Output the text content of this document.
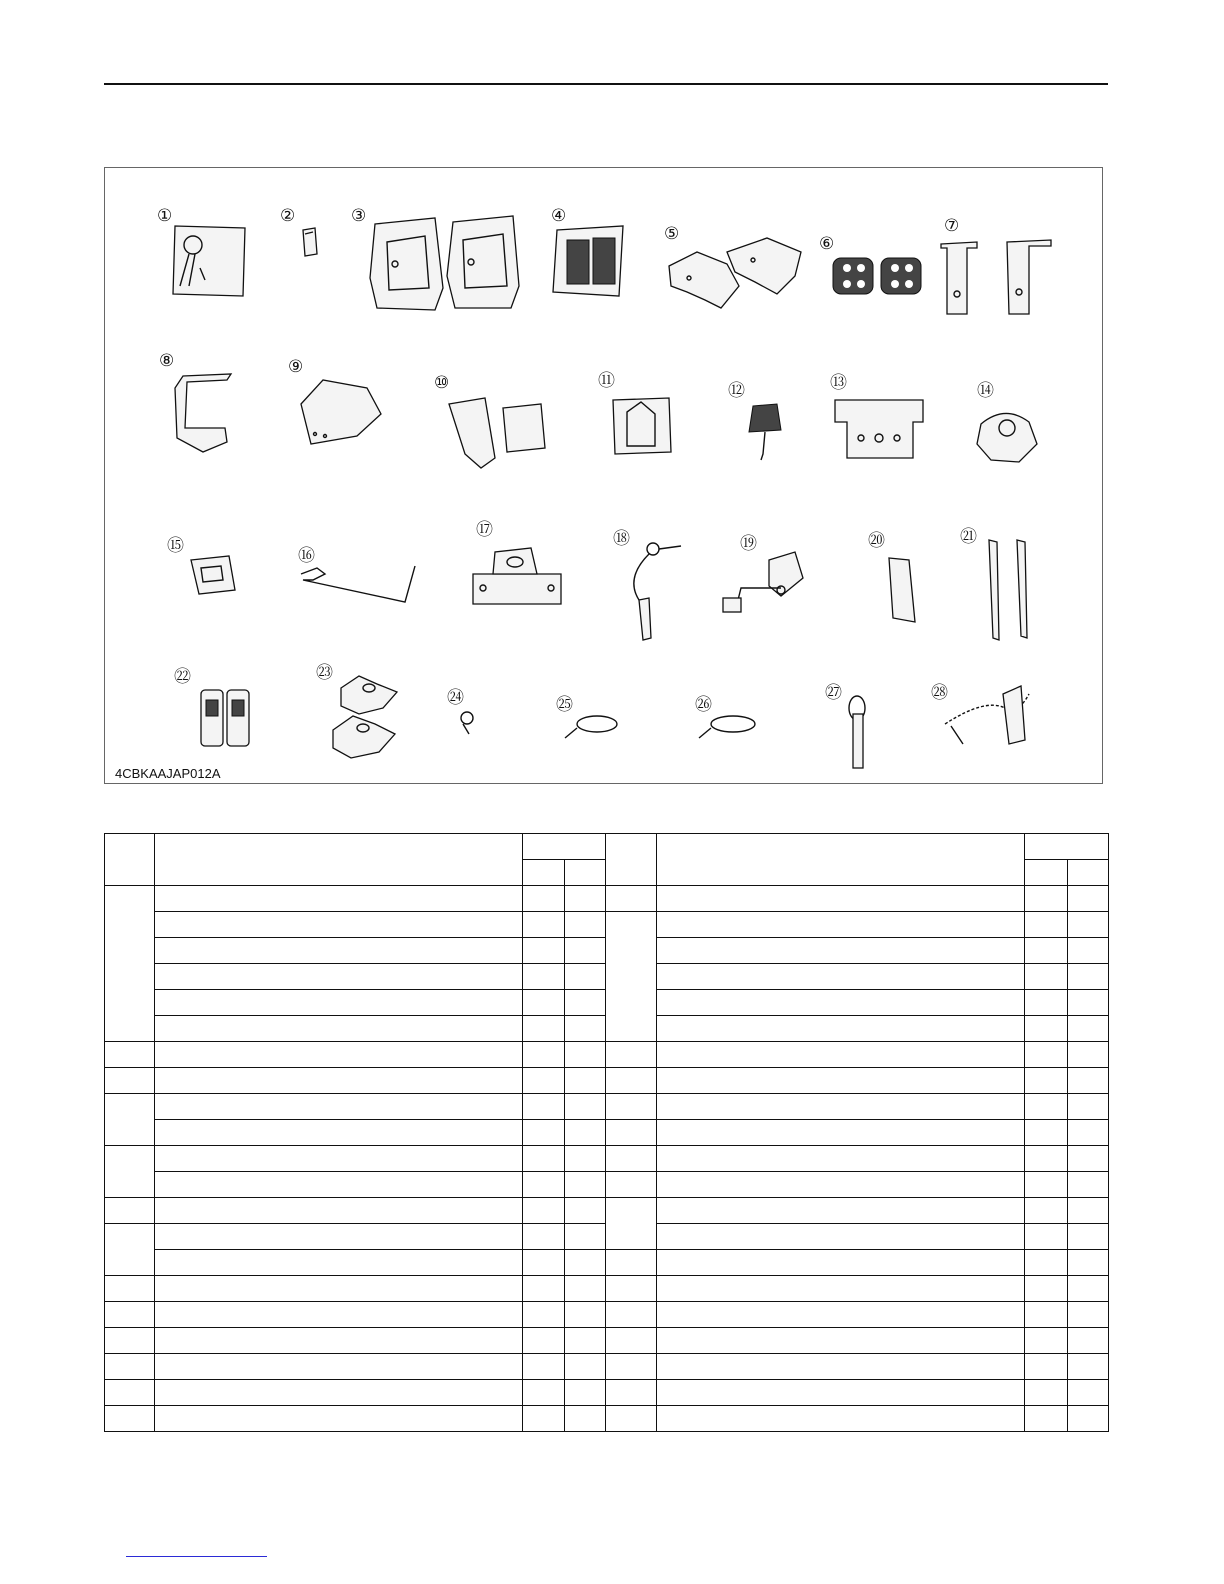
①	②	③	④
⑤	⑥
⑦
⑧	⑨
⑩	⑪	⑫	⑬	⑭
⑮	⑯
⑰	⑱	⑲	⑳	㉑
㉒	㉓
㉔	㉕	㉖
㉗	㉘
4CBKAAJAP012A
